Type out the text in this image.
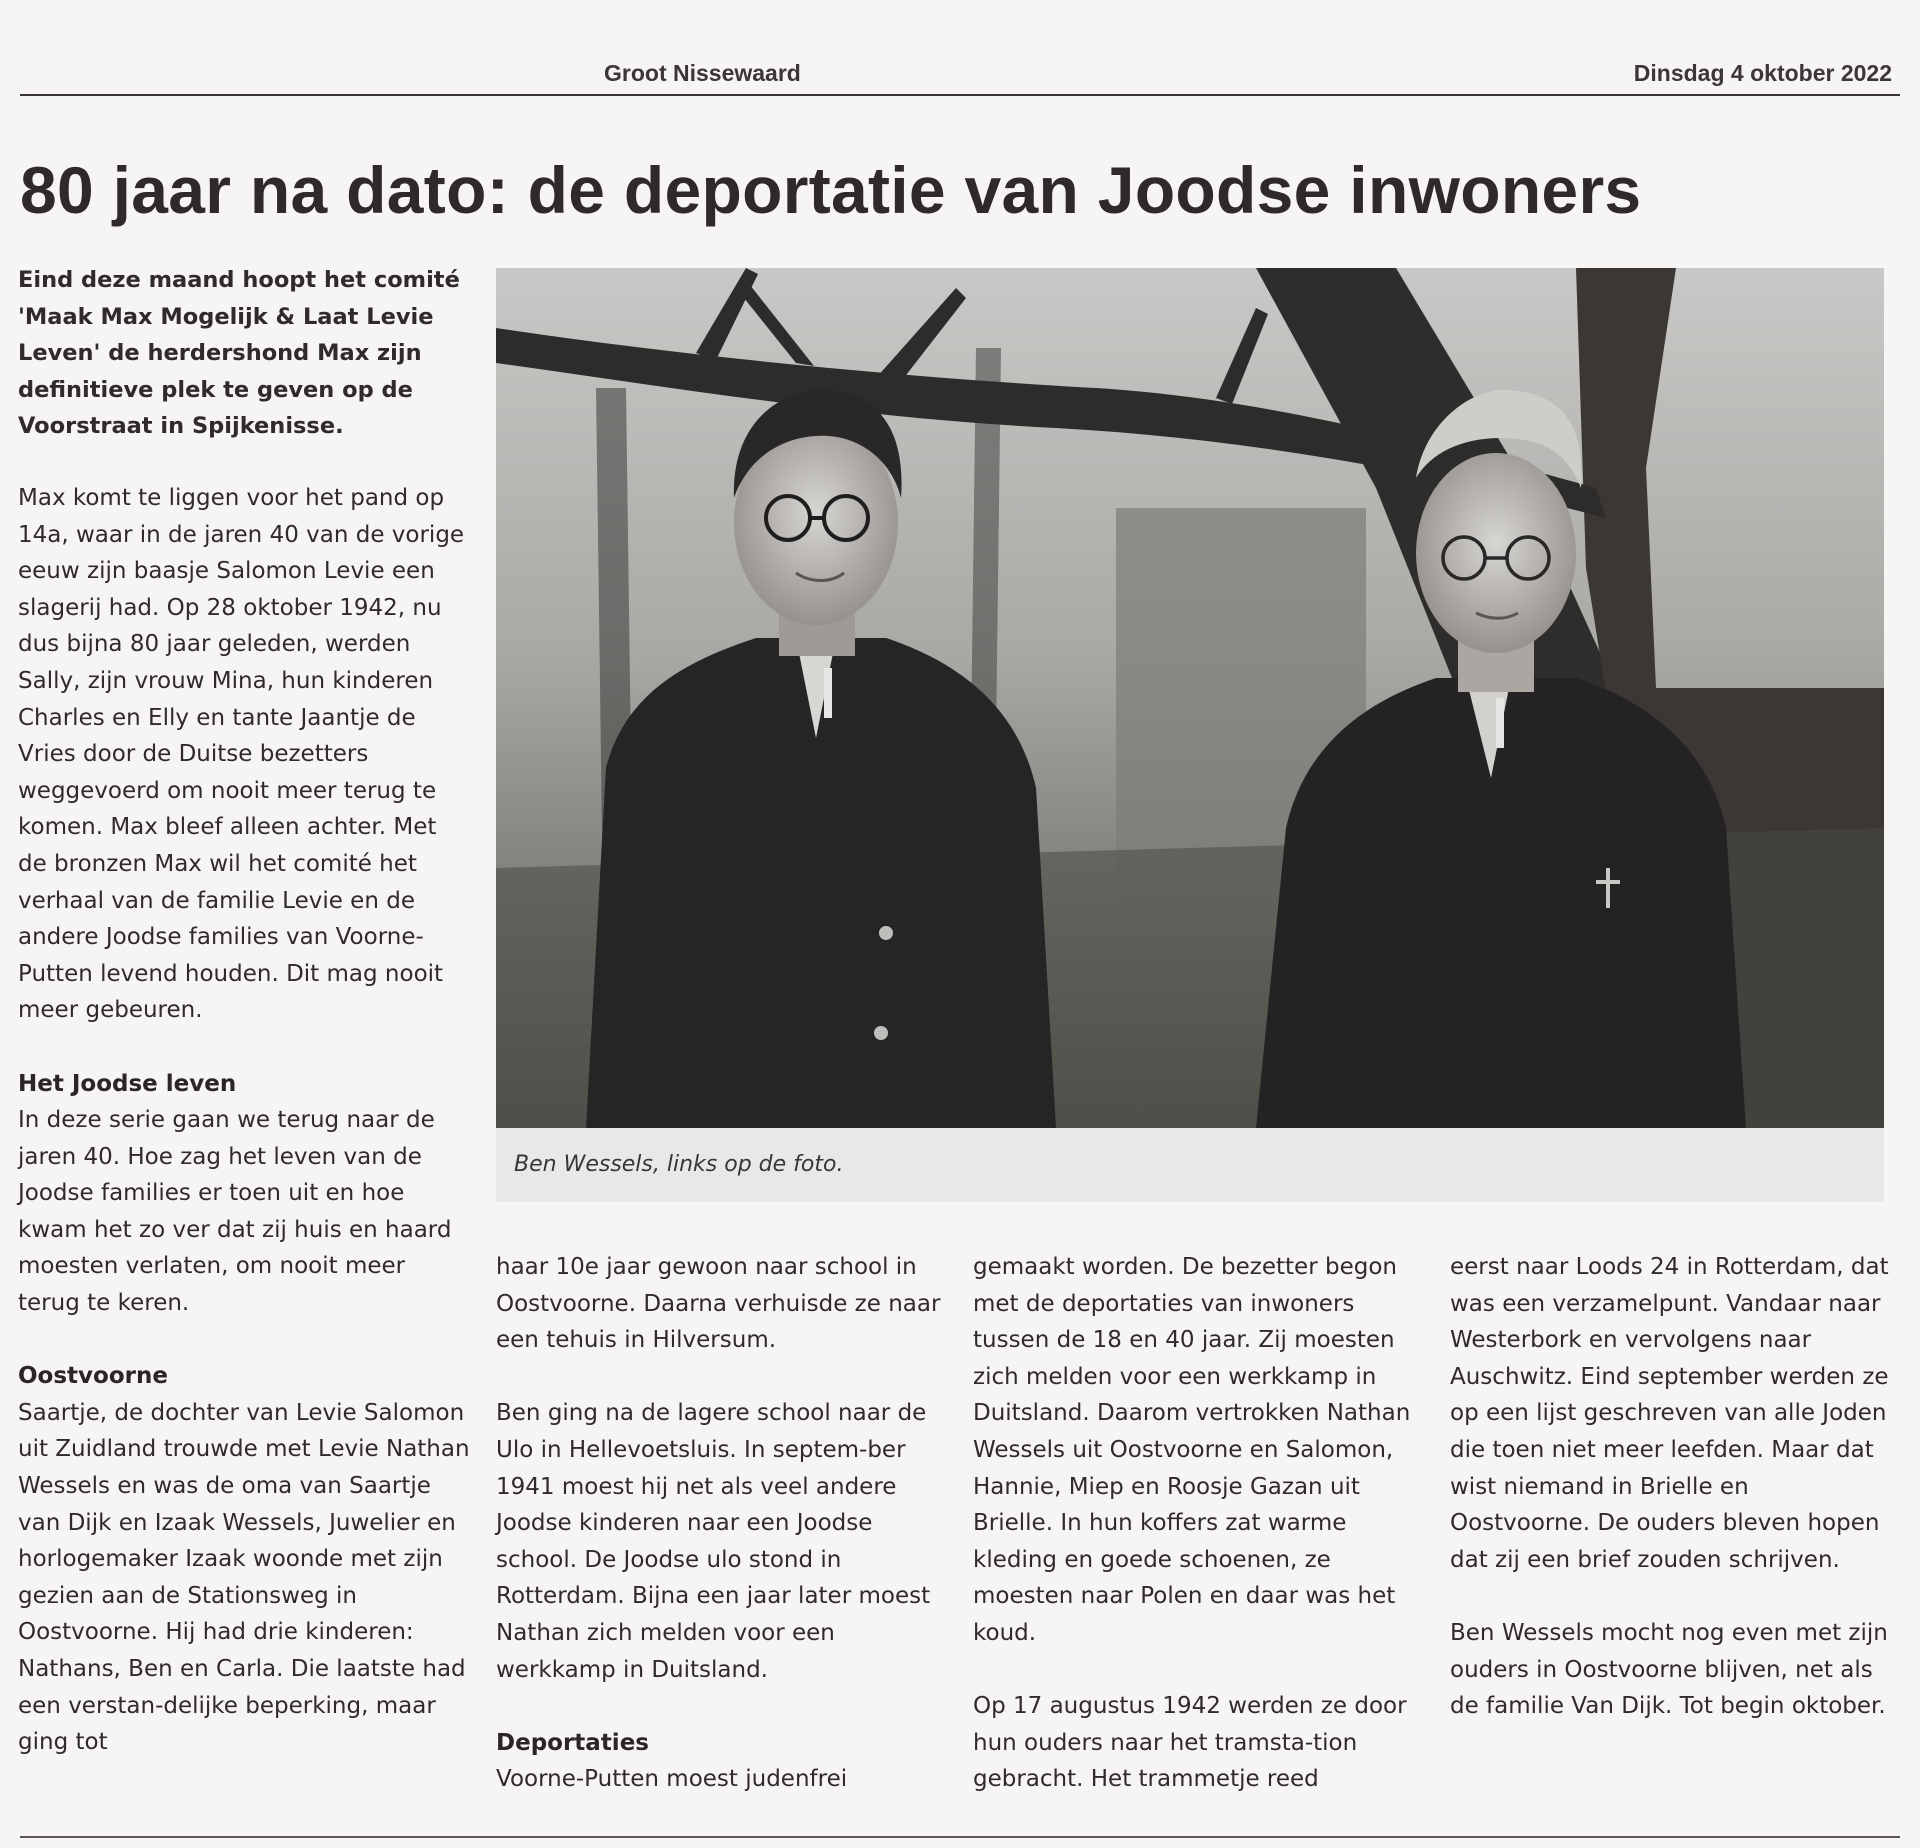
Groot Nissewaard	Dinsdag 4 oktober 2022
80 jaar na dato: de deportatie van Joodse inwoners

Eind deze maand hoopt het comité 'Maak Max Mogelijk & Laat Levie Leven' de herdershond Max zijn definitieve plek te geven op de Voorstraat in Spijkenisse.

Max komt te liggen voor het pand op 14a, waar in de jaren 40 van de vorige eeuw zijn baasje Salomon Levie een slagerij had. Op 28 oktober 1942, nu dus bijna 80 jaar geleden, werden Sally, zijn vrouw Mina, hun kinderen Charles en Elly en tante Jaantje de Vries door de Duitse bezetters weggevoerd om nooit meer terug te komen. Max bleef alleen achter. Met de bronzen Max wil het comité het verhaal van de familie Levie en de andere Joodse families van Voorne-Putten levend houden. Dit mag nooit meer gebeuren.

Het Joodse leven

In deze serie gaan we terug naar de jaren 40. Hoe zag het leven van de Joodse families er toen uit en hoe kwam het zo ver dat zij huis en haard moesten verlaten, om nooit meer terug te keren.

Oostvoorne

Saartje, de dochter van Levie Salomon uit Zuidland trouwde met Levie Nathan Wessels en was de oma van Saartje van Dijk en Izaak Wessels, Juwelier en horlogemaker Izaak woonde met zijn gezien aan de Stationsweg in Oostvoorne. Hij had drie kinderen: Nathans, Ben en Carla. Die laatste had een verstan-delijke beperking, maar ging tot

Ben Wessels, links op de foto.

haar 10e jaar gewoon naar school in Oostvoorne. Daarna verhuisde ze naar een tehuis in Hilversum.

Ben ging na de lagere school naar de Ulo in Hellevoetsluis. In septem-ber 1941 moest hij net als veel andere Joodse kinderen naar een Joodse school. De Joodse ulo stond in Rotterdam. Bijna een jaar later moest Nathan zich melden voor een werkkamp in Duitsland.

Deportaties

Voorne-Putten moest judenfrei

gemaakt worden. De bezetter begon met de deportaties van inwoners tussen de 18 en 40 jaar. Zij moesten zich melden voor een werkkamp in Duitsland. Daarom vertrokken Nathan Wessels uit Oostvoorne en Salomon, Hannie, Miep en Roosje Gazan uit Brielle. In hun koffers zat warme kleding en goede schoenen, ze moesten naar Polen en daar was het koud.

Op 17 augustus 1942 werden ze door hun ouders naar het tramsta-tion gebracht. Het trammetje reed

eerst naar Loods 24 in Rotterdam, dat was een verzamelpunt. Vandaar naar Westerbork en vervolgens naar Auschwitz. Eind september werden ze op een lijst geschreven van alle Joden die toen niet meer leefden. Maar dat wist niemand in Brielle en Oostvoorne. De ouders bleven hopen dat zij een brief zouden schrijven.

Ben Wessels mocht nog even met zijn ouders in Oostvoorne blijven, net als de familie Van Dijk. Tot begin oktober.
